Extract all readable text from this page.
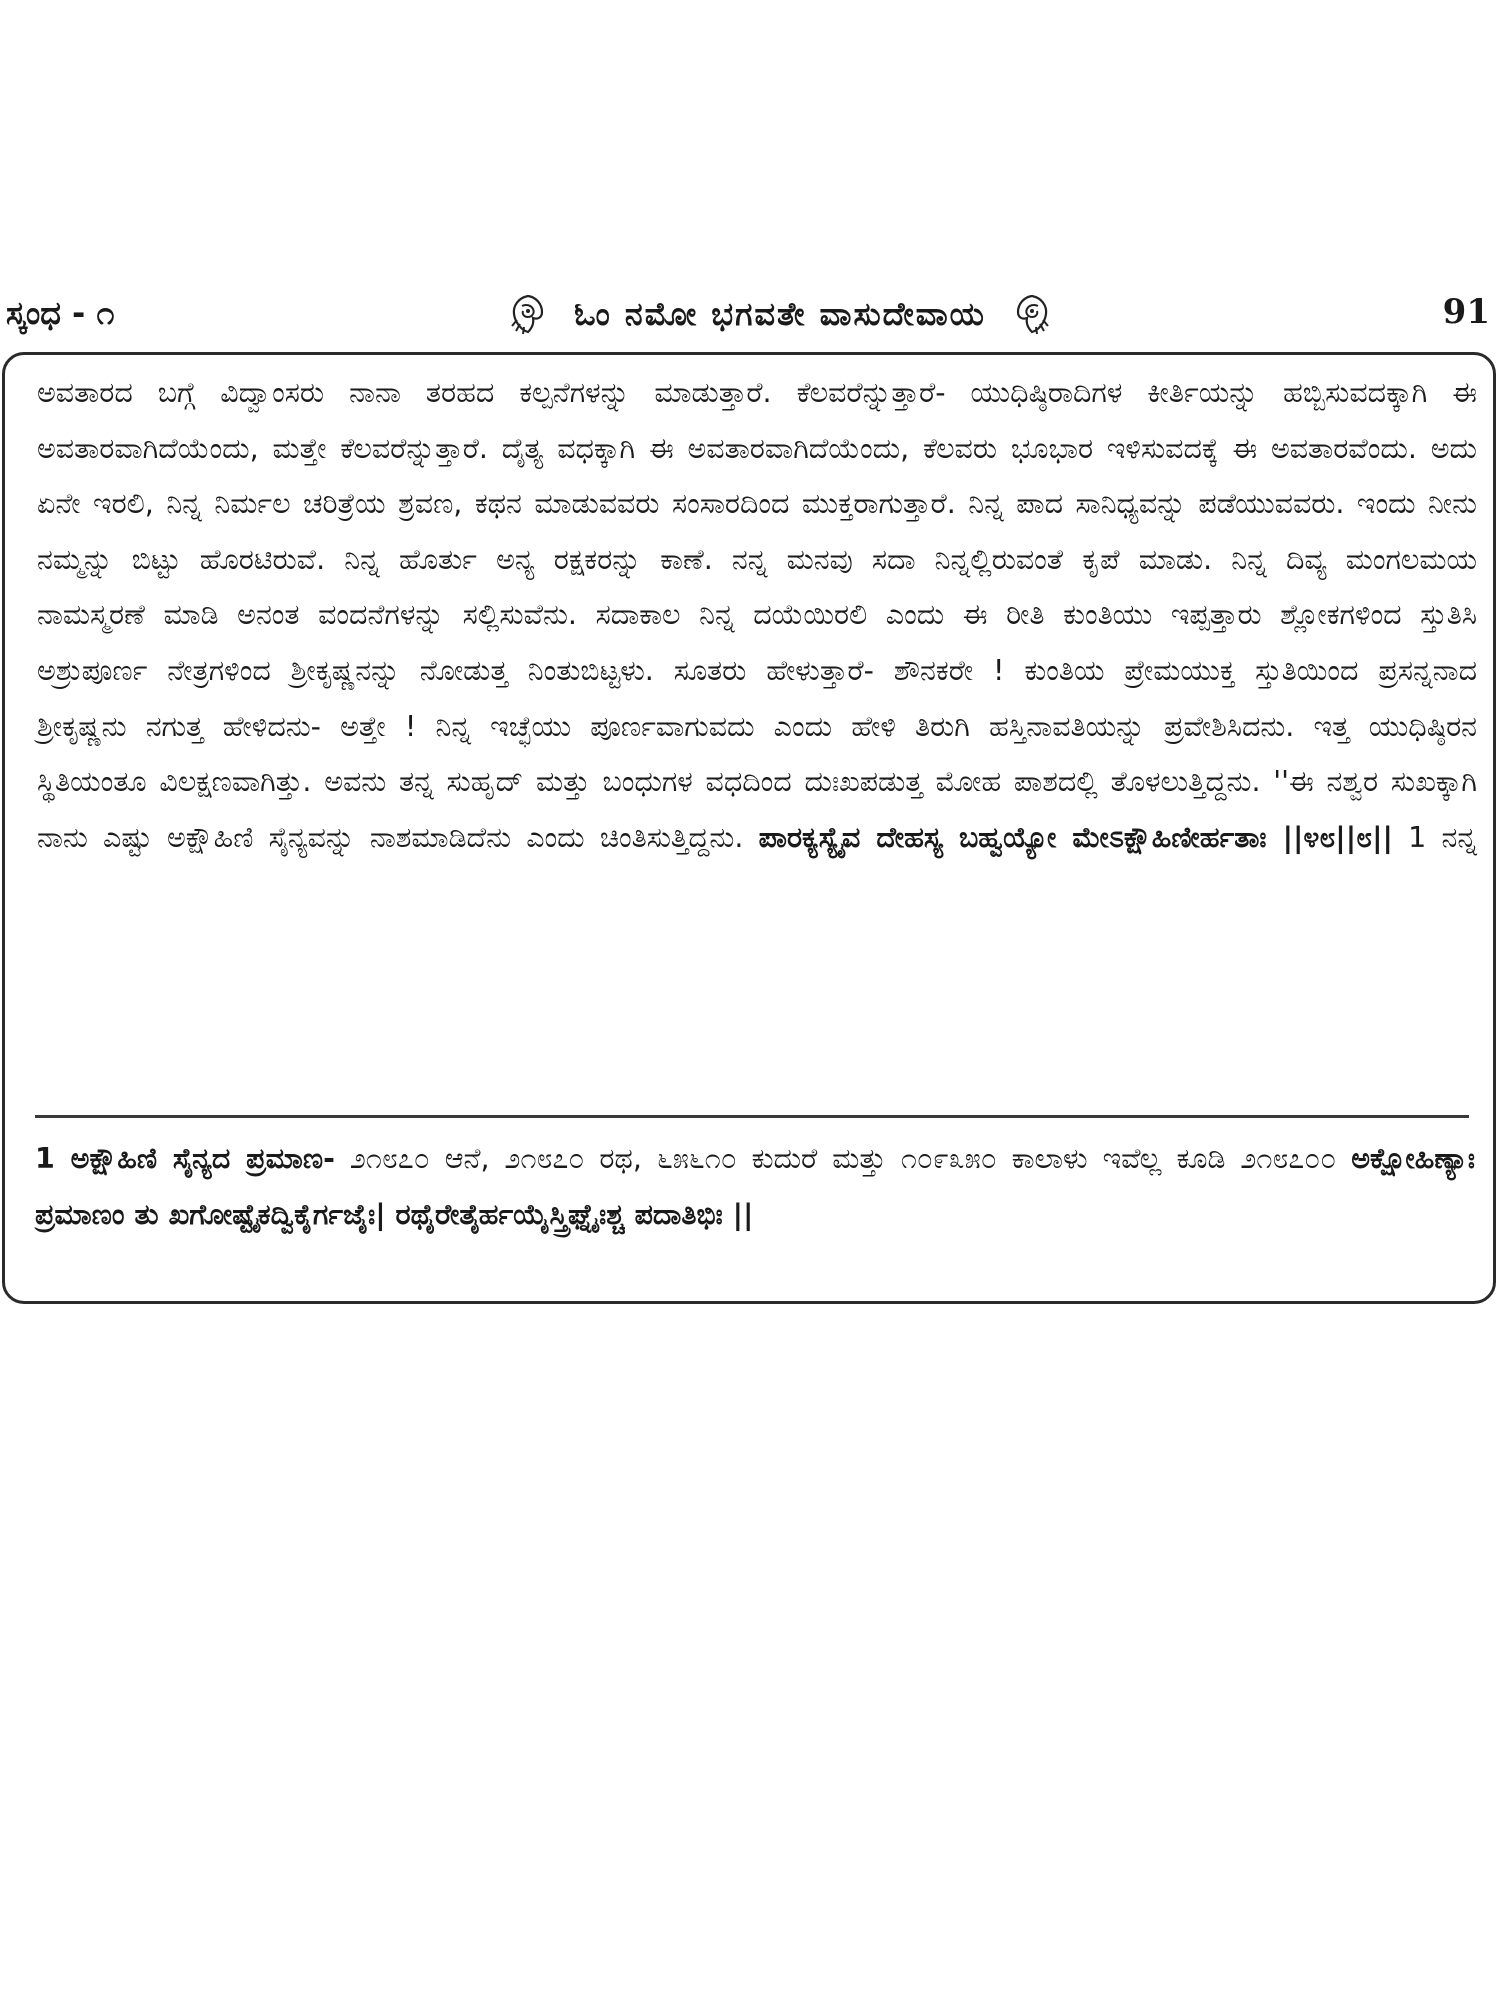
ಸ್ಕಂಧ - ೧	ಓಂ ನಮೋ ಭಗವತೇ ವಾಸುದೇವಾಯ	91

ಅವತಾರದ ಬಗ್ಗೆ ವಿದ್ವಾಂಸರು ನಾನಾ ತರಹದ ಕಲ್ಪನೆಗಳನ್ನು ಮಾಡುತ್ತಾರೆ. ಕೆಲವರೆನ್ನುತ್ತಾರೆ- ಯುಧಿಷ್ಠಿರಾದಿಗಳ ಕೀರ್ತಿಯನ್ನು ಹಬ್ಬಿಸುವದಕ್ಕಾಗಿ ಈ ಅವತಾರವಾಗಿದೆಯೆಂದು, ಮತ್ತೇ ಕೆಲವರೆನ್ನುತ್ತಾರೆ. ದೈತ್ಯ ವಧಕ್ಕಾಗಿ ಈ ಅವತಾರವಾಗಿದೆಯೆಂದು, ಕೆಲವರು ಭೂಭಾರ ಇಳಿಸುವದಕ್ಕೆ ಈ ಅವತಾರವೆಂದು. ಅದು ಏನೇ ಇರಲಿ, ನಿನ್ನ ನಿರ್ಮಲ ಚರಿತ್ರೆಯ ಶ್ರವಣ, ಕಥನ ಮಾಡುವವರು ಸಂಸಾರದಿಂದ ಮುಕ್ತರಾಗುತ್ತಾರೆ. ನಿನ್ನ ಪಾದ ಸಾನಿಧ್ಯವನ್ನು ಪಡೆಯುವವರು. ಇಂದು ನೀನು ನಮ್ಮನ್ನು ಬಿಟ್ಟು ಹೊರಟಿರುವೆ. ನಿನ್ನ ಹೊರ್ತು ಅನ್ಯ ರಕ್ಷಕರನ್ನು ಕಾಣೆ. ನನ್ನ ಮನವು ಸದಾ ನಿನ್ನಲ್ಲಿರುವಂತೆ ಕೃಪೆ ಮಾಡು. ನಿನ್ನ ದಿವ್ಯ ಮಂಗಲಮಯ ನಾಮಸ್ಮರಣೆ ಮಾಡಿ ಅನಂತ ವಂದನೆಗಳನ್ನು ಸಲ್ಲಿಸುವೆನು. ಸದಾಕಾಲ ನಿನ್ನ ದಯೆಯಿರಲಿ ಎಂದು ಈ ರೀತಿ ಕುಂತಿಯು ಇಪ್ಪತ್ತಾರು ಶ್ಲೋಕಗಳಿಂದ ಸ್ತುತಿಸಿ ಅಶ್ರುಪೂರ್ಣ ನೇತ್ರಗಳಿಂದ ಶ್ರೀಕೃಷ್ಣನನ್ನು ನೋಡುತ್ತ ನಿಂತುಬಿಟ್ಟಳು. ಸೂತರು ಹೇಳುತ್ತಾರೆ- ಶೌನಕರೇ ! ಕುಂತಿಯ ಪ್ರೇಮಯುಕ್ತ ಸ್ತುತಿಯಿಂದ ಪ್ರಸನ್ನನಾದ ಶ್ರೀಕೃಷ್ಣನು ನಗುತ್ತ ಹೇಳಿದನು- ಅತ್ತೇ ! ನಿನ್ನ ಇಚ್ಛೆಯು ಪೂರ್ಣವಾಗುವದು ಎಂದು ಹೇಳಿ ತಿರುಗಿ ಹಸ್ತಿನಾವತಿಯನ್ನು ಪ್ರವೇಶಿಸಿದನು. ಇತ್ತ ಯುಧಿಷ್ಠಿರನ ಸ್ಥಿತಿಯಂತೂ ವಿಲಕ್ಷಣವಾಗಿತ್ತು. ಅವನು ತನ್ನ ಸುಹೃದ್ ಮತ್ತು ಬಂಧುಗಳ ವಧದಿಂದ ದುಃಖಪಡುತ್ತ ಮೋಹ ಪಾಶದಲ್ಲಿ ತೊಳಲುತ್ತಿದ್ದನು. ''ಈ ನಶ್ವರ ಸುಖಕ್ಕಾಗಿ ನಾನು ಎಷ್ಟು ಅಕ್ಷೌಹಿಣಿ ಸೈನ್ಯವನ್ನು ನಾಶಮಾಡಿದೆನು ಎಂದು ಚಿಂತಿಸುತ್ತಿದ್ದನು. ಪಾರಕ್ಯಸ್ಯೈವ ದೇಹಸ್ಯ ಬಹ್ವಯ್ಯೋ ಮೇಽಕ್ಷೌಹಿಣೀರ್ಹತಾಃ ||೪೮||೮|| 1 ನನ್ನ

1 ಅಕ್ಷೌಹಿಣಿ ಸೈನ್ಯದ ಪ್ರಮಾಣ- ೨೧೮೭೦ ಆನೆ, ೨೧೮೭೦ ರಥ, ೬೫೬೧೦ ಕುದುರೆ ಮತ್ತು ೧೦೯೩೫೦ ಕಾಲಾಳು ಇವೆಲ್ಲ ಕೂಡಿ ೨೧೮೭೦೦ ಅಕ್ಷೋಹಿಣ್ಯಾಃ ಪ್ರಮಾಣಂ ತು ಖಗೋಷ್ಟೈಕದ್ವಿಕೈರ್ಗಜೈಃ| ರಥೈರೇತೈರ್ಹಯೈಸ್ತ್ರಿಘ್ನೈಃಶ್ಚ ಪದಾತಿಭಿಃ ||
